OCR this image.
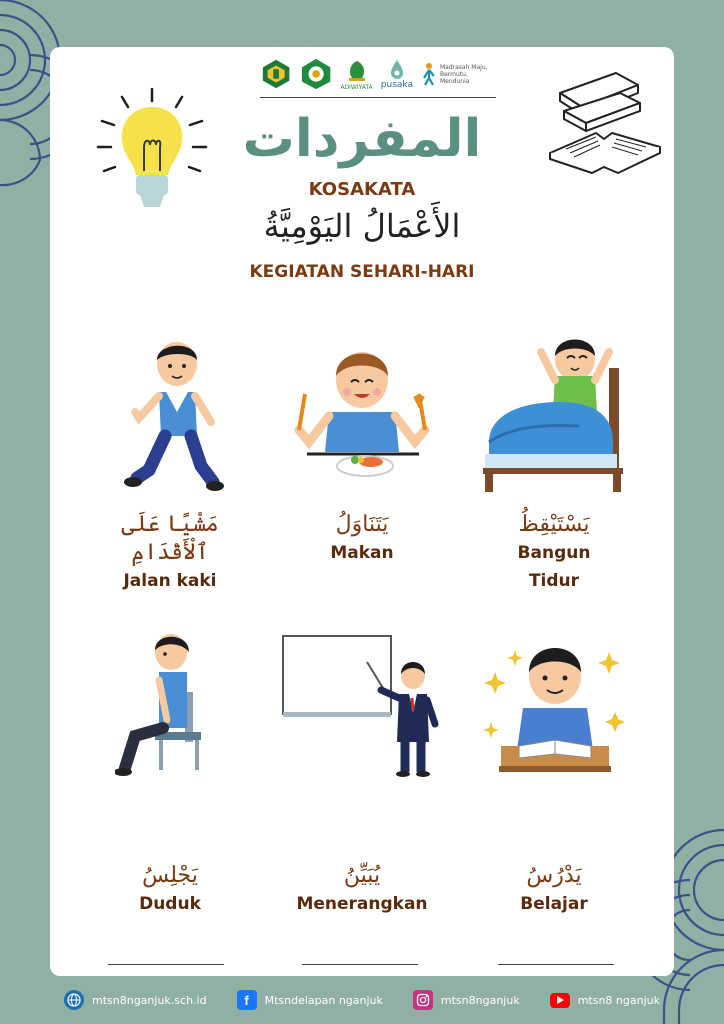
ADIWIYATA pusaka
Madrasah Maju, Bermutu, Mendunia
المفردات
KOSAKATA
الأَعْمَالُ اليَوْمِيَّةُ
KEGIATAN SEHARI-HARI
مَشْيًا عَلَى ٱلْأَقْدَامِ
Jalan kaki
يَتَنَاوَلُ
Makan
يَسْتَيْقِظُ
Bangun Tidur
يَجْلِسُ
Duduk
يُبَيِّنُ
Menerangkan
يَدْرُسُ
Belajar
mtsn8nganjuk.sch.id	f Mtsndelapan nganjuk	mtsn8nganjuk	mtsn8 nganjuk
